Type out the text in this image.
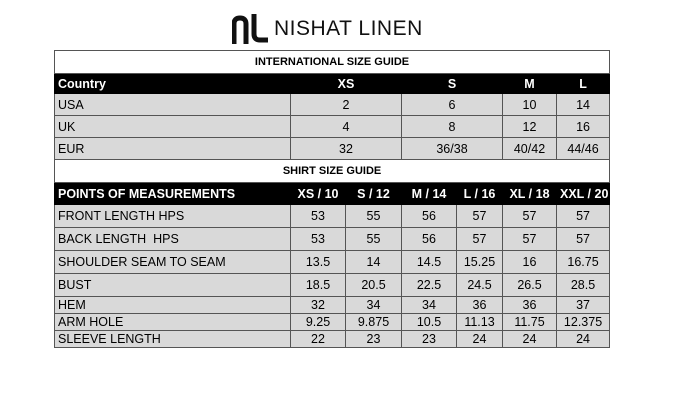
NISHAT LINEN
INTERNATIONAL SIZE GUIDE				
Country	XS	S	M	L
USA	2	6	10	14
UK	4	8	12	16
EUR	32	36/38	40/42	44/46
SHIRT SIZE GUIDE						
POINTS OF MEASUREMENTS	XS / 10	S / 12	M / 14	L / 16	XL / 18	XXL / 20
FRONT LENGTH HPS	53	55	56	57	57	57
BACK LENGTH  HPS	53	55	56	57	57	57
SHOULDER SEAM TO SEAM	13.5	14	14.5	15.25	16	16.75
BUST	18.5	20.5	22.5	24.5	26.5	28.5
HEM	32	34	34	36	36	37
ARM HOLE	9.25	9.875	10.5	11.13	11.75	12.375
SLEEVE LENGTH	22	23	23	24	24	24
